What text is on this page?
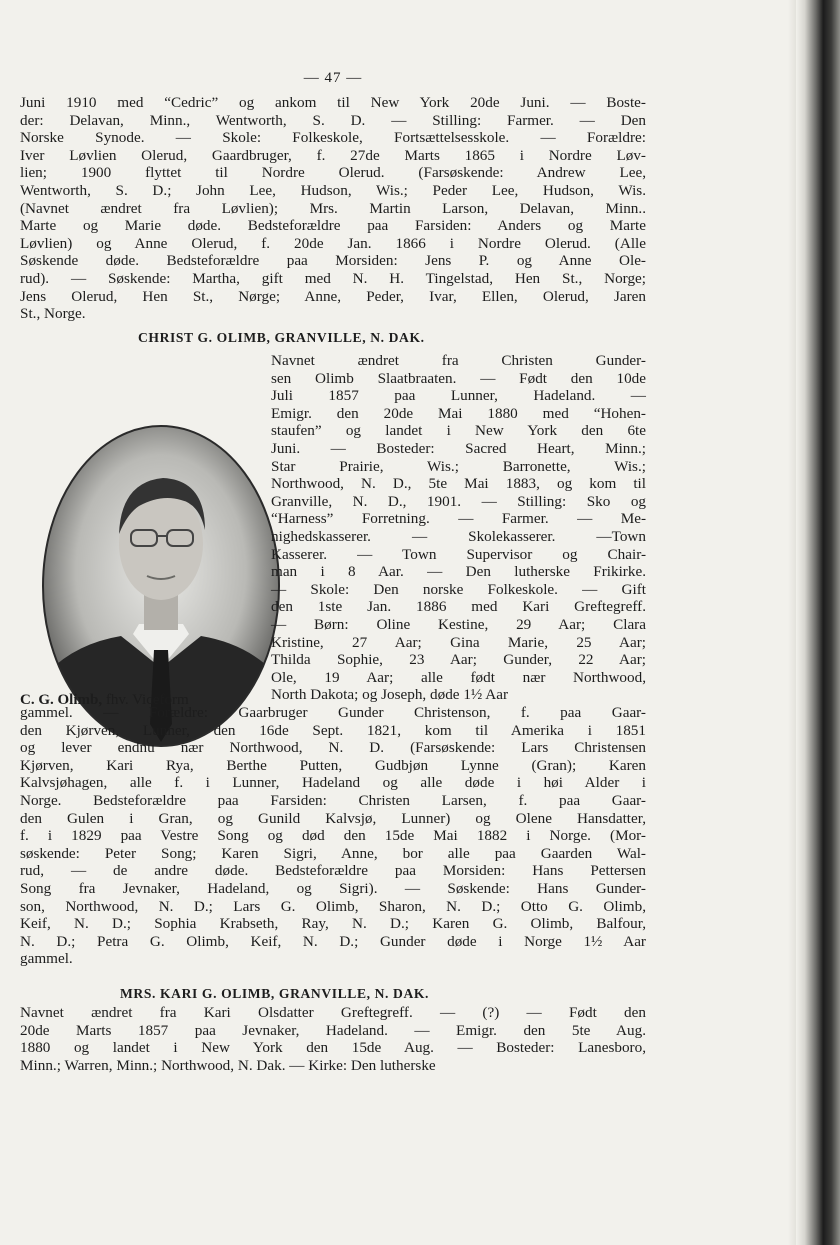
— 47 —

Juni 1910 med “Cedric” og ankom til New York 20de Juni. — Boste-

der: Delavan, Minn., Wentworth, S. D. — Stilling: Farmer. — Den

Norske Synode. — Skole: Folkeskole, Fortsættelsesskole. — Forældre:

Iver Løvlien Olerud, Gaardbruger, f. 27de Marts 1865 i Nordre Løv-

lien; 1900 flyttet til Nordre Olerud. (Farsøskende: Andrew Lee,

Wentworth, S. D.; John Lee, Hudson, Wis.; Peder Lee, Hudson, Wis.

(Navnet ændret fra Løvlien); Mrs. Martin Larson, Delavan, Minn..

Marte og Marie døde. Bedsteforældre paa Farsiden: Anders og Marte

Løvlien) og Anne Olerud, f. 20de Jan. 1866 i Nordre Olerud. (Alle

Søskende døde. Bedsteforældre paa Morsiden: Jens P. og Anne Ole-

rud). — Søskende: Martha, gift med N. H. Tingelstad, Hen St., Norge;

Jens Olerud, Hen St., Nørge; Anne, Peder, Ivar, Ellen, Olerud, Jaren

St., Norge.

CHRIST G. OLIMB, GRANVILLE, N. DAK.

Navnet ændret fra Christen Gunder-

sen Olimb Slaatbraaten. — Født den 10de

Juli 1857 paa Lunner, Hadeland. —

Emigr. den 20de Mai 1880 med “Hohen-

staufen” og landet i New York den 6te

Juni. — Bosteder: Sacred Heart, Minn.;

Star Prairie, Wis.; Barronette, Wis.;

Northwood, N. D., 5te Mai 1883, og kom til

Granville, N. D., 1901. — Stilling: Sko og

“Harness” Forretning. — Farmer. — Me-

nighedskasserer. — Skolekasserer. —Town

Kasserer. — Town Supervisor og Chair-

man i 8 Aar. — Den lutherske Frikirke.

— Skole: Den norske Folkeskole. — Gift

den 1ste Jan. 1886 med Kari Greftegreff.

— Børn: Oline Kestine, 29 Aar; Clara

Kristine, 27 Aar; Gina Marie, 25 Aar;

Thilda Sophie, 23 Aar; Gunder, 22 Aar;

Ole, 19 Aar; alle født nær Northwood,

North Dakota; og Joseph, døde 1½ Aar

C. G. Olimb, fhv. Viceform

gammel. — Forældre: Gaarbruger Gunder Christenson, f. paa Gaar-

den Kjørven, Lunner, den 16de Sept. 1821, kom til Amerika i 1851

og lever endnu nær Northwood, N. D. (Farsøskende: Lars Christensen

Kjørven, Kari Rya, Berthe Putten, Gudbjøn Lynne (Gran); Karen

Kalvsjøhagen, alle f. i Lunner, Hadeland og alle døde i høi Alder i

Norge. Bedsteforældre paa Farsiden: Christen Larsen, f. paa Gaar-

den Gulen i Gran, og Gunild Kalvsjø, Lunner) og Olene Hansdatter,

f. i 1829 paa Vestre Song og død den 15de Mai 1882 i Norge. (Mor-

søskende: Peter Song; Karen Sigri, Anne, bor alle paa Gaarden Wal-

rud, — de andre døde. Bedsteforældre paa Morsiden: Hans Pettersen

Song fra Jevnaker, Hadeland, og Sigri). — Søskende: Hans Gunder-

son, Northwood, N. D.; Lars G. Olimb, Sharon, N. D.; Otto G. Olimb,

Keif, N. D.; Sophia Krabseth, Ray, N. D.; Karen G. Olimb, Balfour,

N. D.; Petra G. Olimb, Keif, N. D.; Gunder døde i Norge 1½ Aar

gammel.

MRS. KARI G. OLIMB, GRANVILLE, N. DAK.

Navnet ændret fra Kari Olsdatter Greftegreff. — (?) — Født den

20de Marts 1857 paa Jevnaker, Hadeland. — Emigr. den 5te Aug.

1880 og landet i New York den 15de Aug. — Bosteder: Lanesboro,

Minn.; Warren, Minn.; Northwood, N. Dak. — Kirke: Den lutherske
